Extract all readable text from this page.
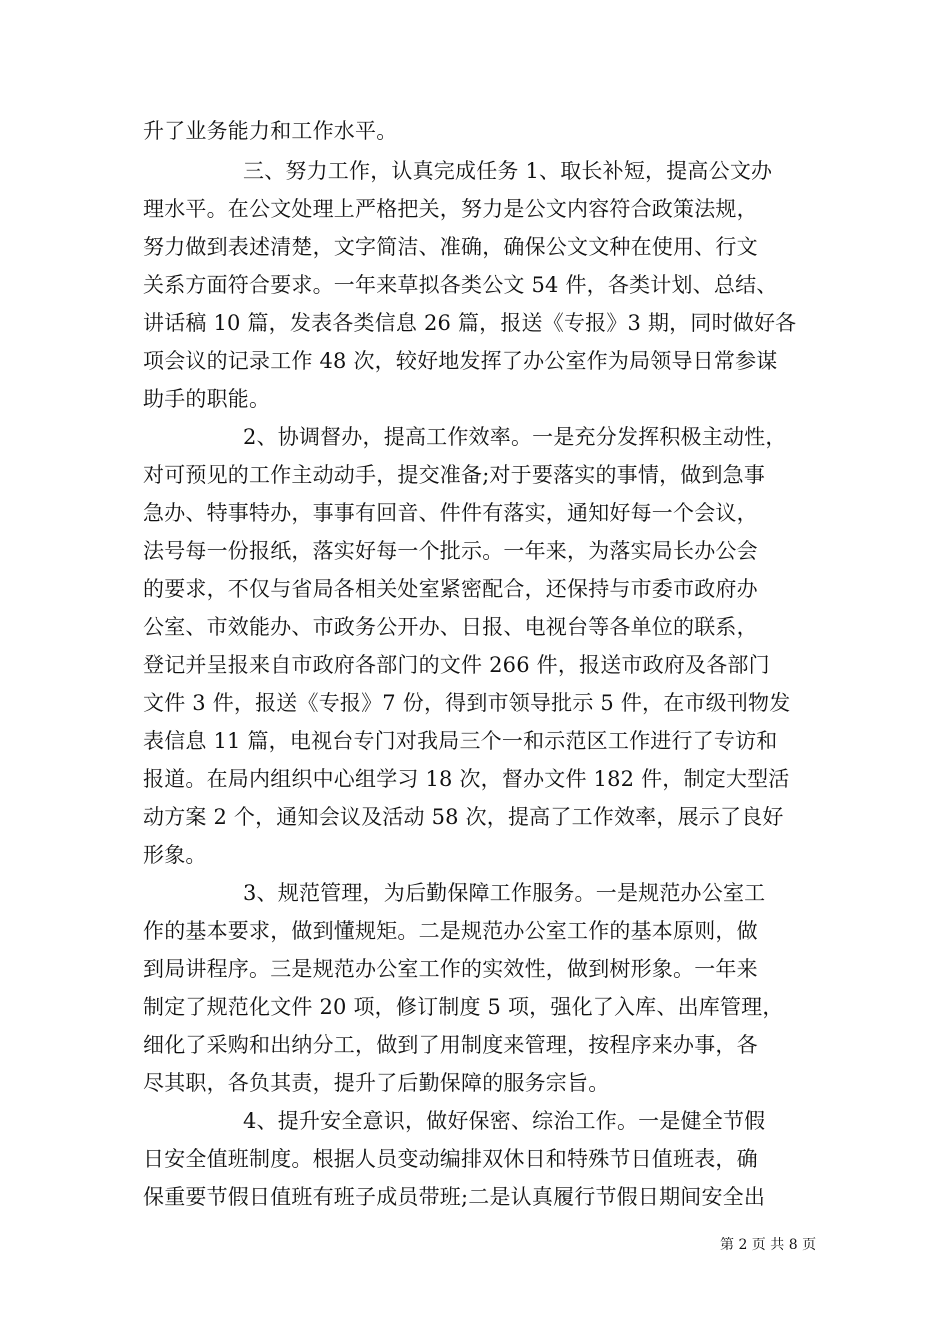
升了业务能力和工作水平。
三、努力工作，认真完成任务 1、取长补短，提高公文办
理水平。在公文处理上严格把关，努力是公文内容符合政策法规，
努力做到表述清楚，文字简洁、准确，确保公文文种在使用、行文
关系方面符合要求。一年来草拟各类公文 54 件，各类计划、总结、
讲话稿 10 篇，发表各类信息 26 篇，报送《专报》3 期，同时做好各
项会议的记录工作 48 次，较好地发挥了办公室作为局领导日常参谋
助手的职能。
2、协调督办，提高工作效率。一是充分发挥积极主动性，
对可预见的工作主动动手，提交准备;对于要落实的事情，做到急事
急办、特事特办，事事有回音、件件有落实，通知好每一个会议，
法号每一份报纸，落实好每一个批示。一年来，为落实局长办公会
的要求，不仅与省局各相关处室紧密配合，还保持与市委市政府办
公室、市效能办、市政务公开办、日报、电视台等各单位的联系，
登记并呈报来自市政府各部门的文件 266 件，报送市政府及各部门
文件 3 件，报送《专报》7 份，得到市领导批示 5 件，在市级刊物发
表信息 11 篇，电视台专门对我局三个一和示范区工作进行了专访和
报道。在局内组织中心组学习 18 次，督办文件 182 件，制定大型活
动方案 2 个，通知会议及活动 58 次，提高了工作效率，展示了良好
形象。
3、规范管理，为后勤保障工作服务。一是规范办公室工
作的基本要求，做到懂规矩。二是规范办公室工作的基本原则，做
到局讲程序。三是规范办公室工作的实效性，做到树形象。一年来
制定了规范化文件 20 项，修订制度 5 项，强化了入库、出库管理，
细化了采购和出纳分工，做到了用制度来管理，按程序来办事，各
尽其职，各负其责，提升了后勤保障的服务宗旨。
4、提升安全意识，做好保密、综治工作。一是健全节假
日安全值班制度。根据人员变动编排双休日和特殊节日值班表，确
保重要节假日值班有班子成员带班;二是认真履行节假日期间安全出
第 2 页 共 8 页
